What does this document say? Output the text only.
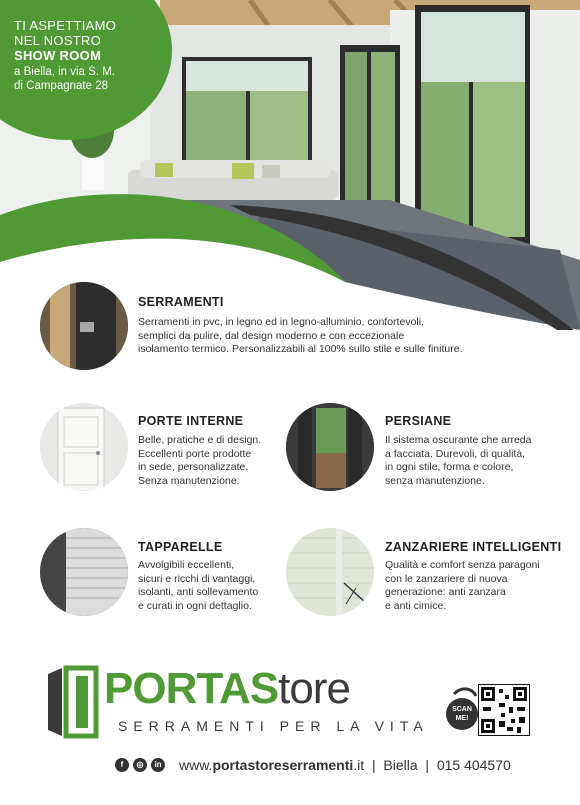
TI ASPETTIAMO
NEL NOSTRO
SHOW ROOM
a Biella, in via S. M.
di Campagnate 28
SERRAMENTI
Serramenti in pvc, in legno ed in legno-alluminio, confortevoli,
semplici da pulire, dal design moderno e con eccezionale
isolamento termico. Personalizzabili al 100% sullo stile e sulle finiture.
PORTE INTERNE
Belle, pratiche e di design.
Eccellenti porte prodotte
in sede, personalizzate.
Senza manutenzione.
PERSIANE
Il sistema oscurante che arreda
a facciata. Durevoli, di qualità,
in ogni stile, forma e colore,
senza manutenzione.
TAPPARELLE
Avvolgibili eccellenti,
sicuri e ricchi di vantaggi,
isolanti, anti sollevamento
e curati in ogni dettaglio.
ZANZARIERE INTELLIGENTI
Qualità e comfort senza paragoni
con le zanzariere di nuova
generazione: anti zanzara
e anti cimice.
PORTAStore
SERRAMENTI PER LA VITA
SCAN
ME!
f	◎	in www.portastoreserramenti.it | Biella | 015 404570
